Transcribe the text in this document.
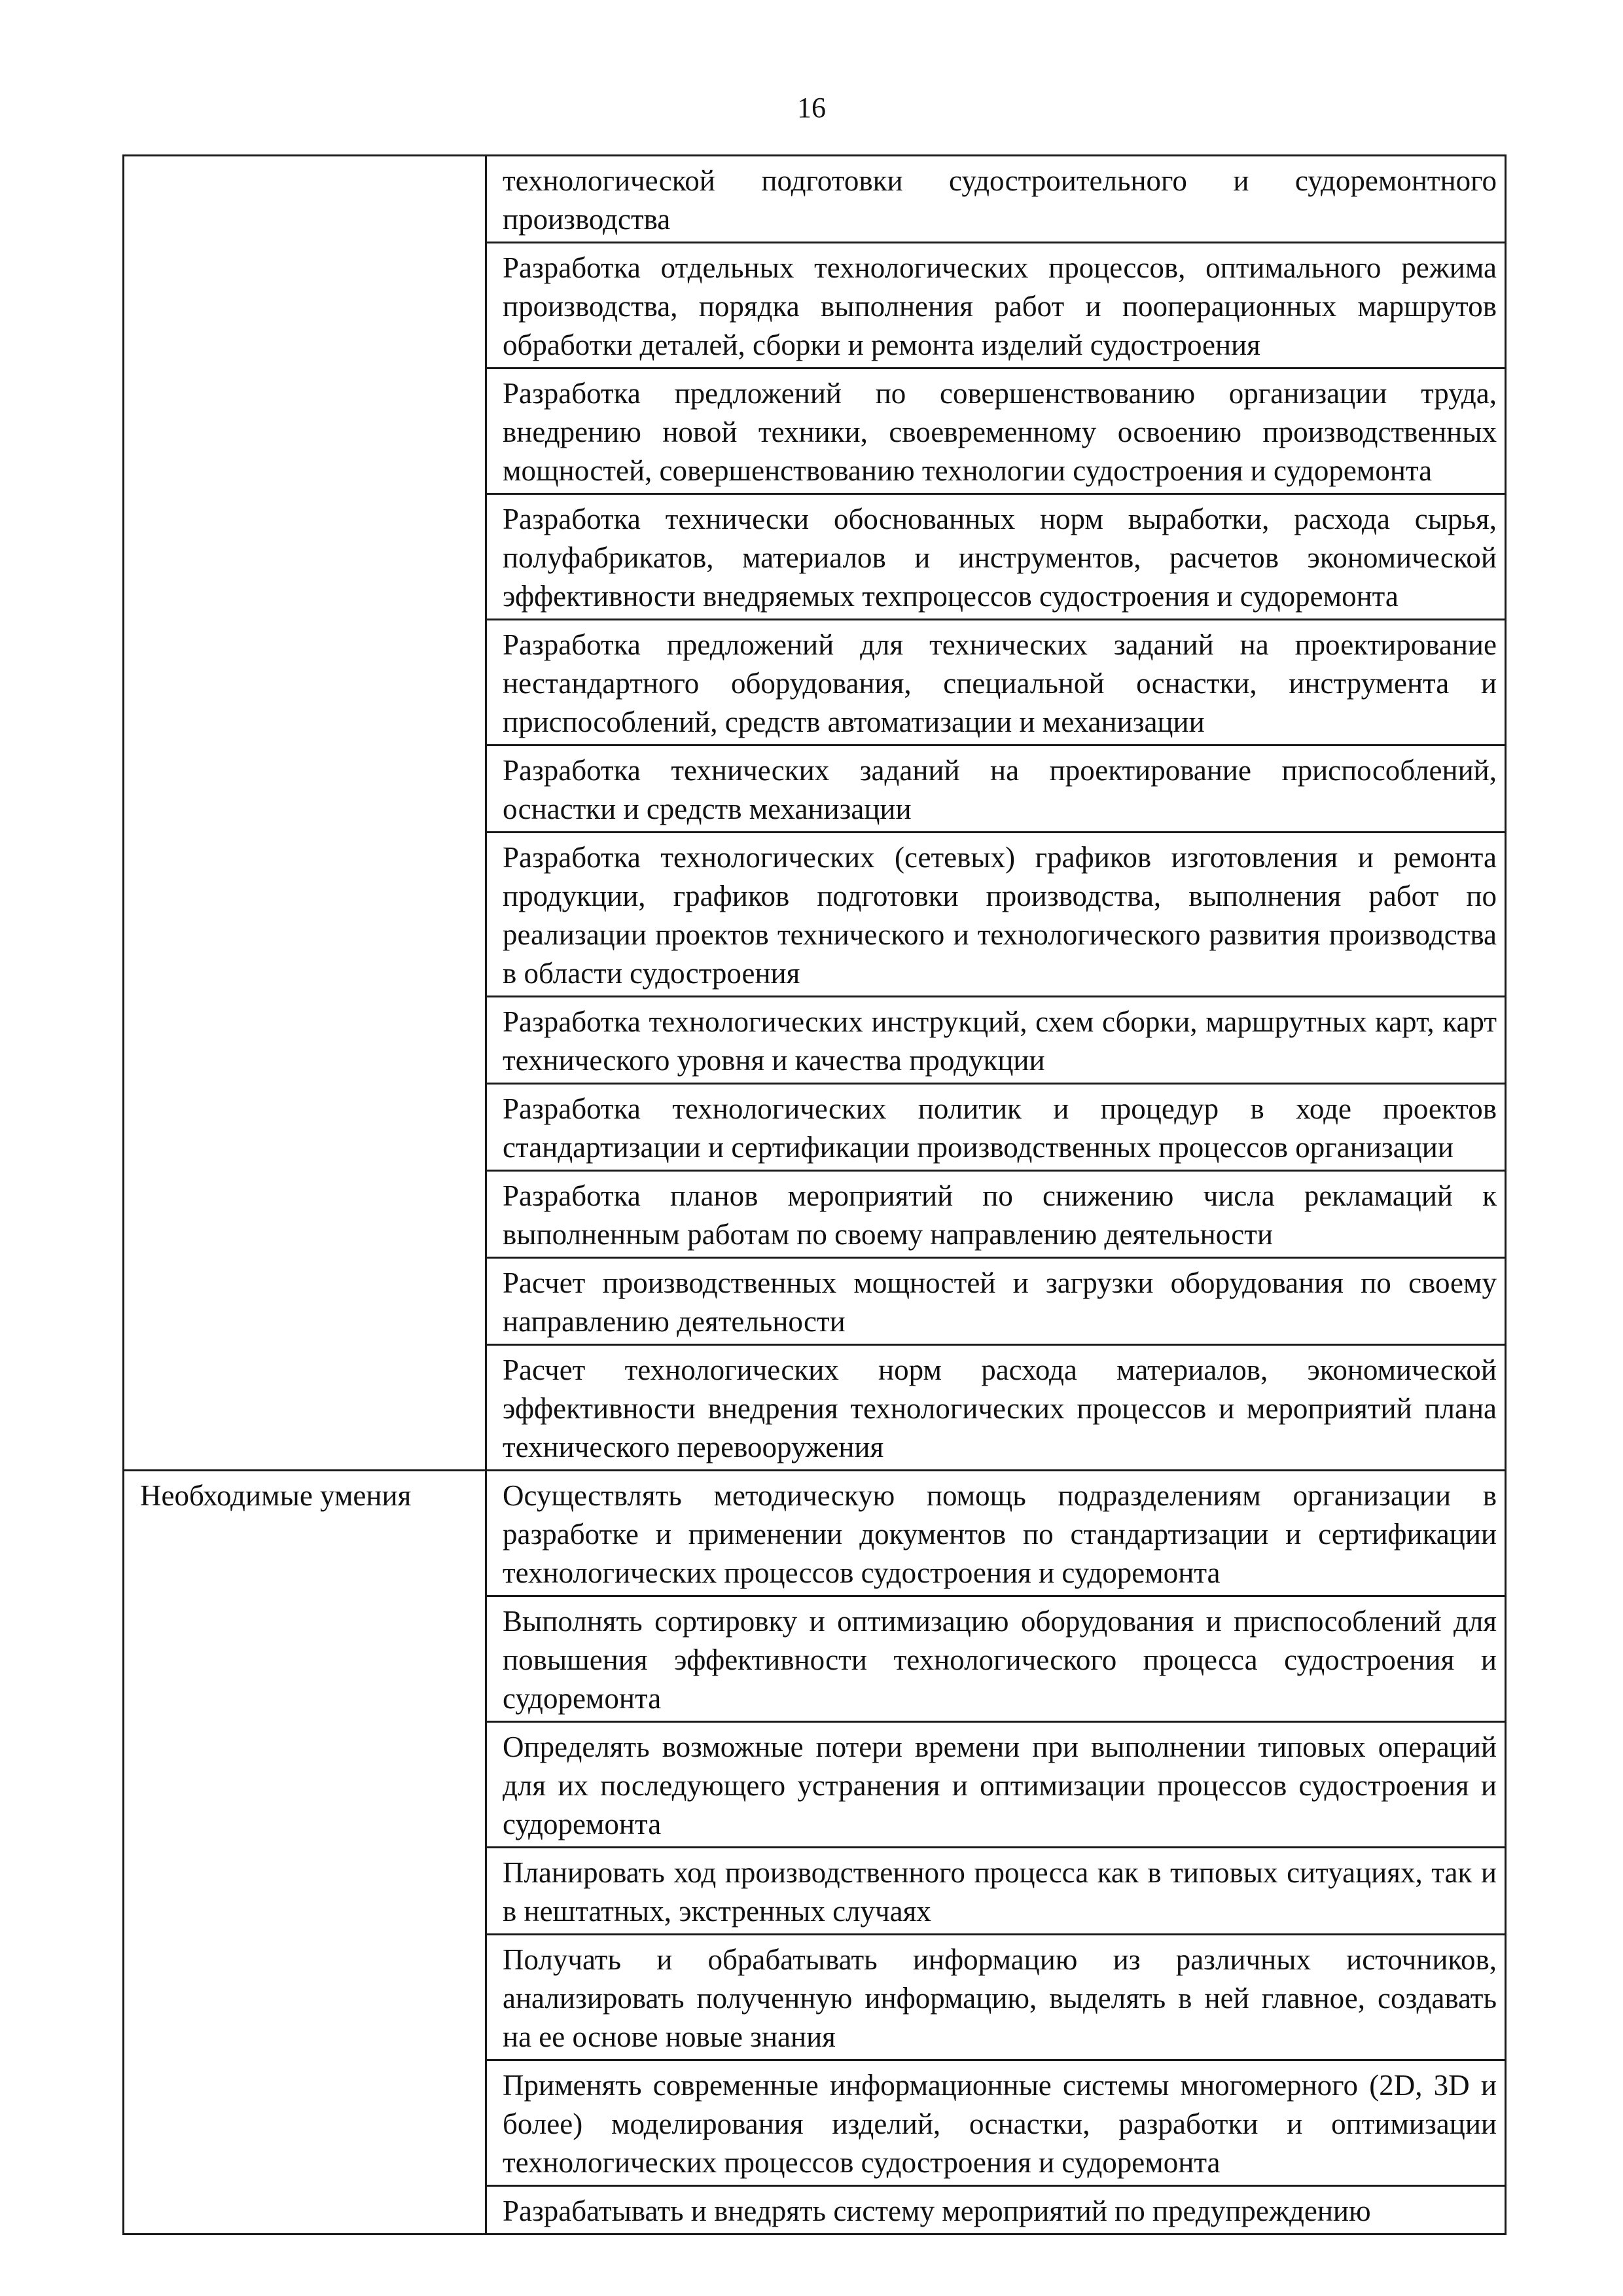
16
	технологической подготовки судостроительного и судоремонтного производства
	Разработка отдельных технологических процессов, оптимального режима производства, порядка выполнения работ и пооперационных маршрутов обработки деталей, сборки и ремонта изделий судостроения
	Разработка предложений по совершенствованию организации труда, внедрению новой техники, своевременному освоению производственных мощностей, совершенствованию технологии судостроения и судоремонта
	Разработка технически обоснованных норм выработки, расхода сырья, полуфабрикатов, материалов и инструментов, расчетов экономической эффективности внедряемых техпроцессов судостроения и судоремонта
	Разработка предложений для технических заданий на проектирование нестандартного оборудования, специальной оснастки, инструмента и приспособлений, средств автоматизации и механизации
	Разработка технических заданий на проектирование приспособлений, оснастки и средств механизации
	Разработка технологических (сетевых) графиков изготовления и ремонта продукции, графиков подготовки производства, выполнения работ по реализации проектов технического и технологического развития производства в области судостроения
	Разработка технологических инструкций, схем сборки, маршрутных карт, карт технического уровня и качества продукции
	Разработка технологических политик и процедур в ходе проектов стандартизации и сертификации производственных процессов организации
	Разработка планов мероприятий по снижению числа рекламаций к выполненным работам по своему направлению деятельности
	Расчет производственных мощностей и загрузки оборудования по своему направлению деятельности
	Расчет технологических норм расхода материалов, экономической эффективности внедрения технологических процессов и мероприятий плана технического перевооружения
Необходимые умения	Осуществлять методическую помощь подразделениям организации в разработке и применении документов по стандартизации и сертификации технологических процессов судостроения и судоремонта
	Выполнять сортировку и оптимизацию оборудования и приспособлений для повышения эффективности технологического процесса судостроения и судоремонта
	Определять возможные потери времени при выполнении типовых операций для их последующего устранения и оптимизации процессов судостроения и судоремонта
	Планировать ход производственного процесса как в типовых ситуациях, так и в нештатных, экстренных случаях
	Получать и обрабатывать информацию из различных источников, анализировать полученную информацию, выделять в ней главное, создавать на ее основе новые знания
	Применять современные информационные системы многомерного (2D, 3D и более) моделирования изделий, оснастки, разработки и оптимизации технологических процессов судостроения и судоремонта
	Разрабатывать и внедрять систему мероприятий по предупреждению
